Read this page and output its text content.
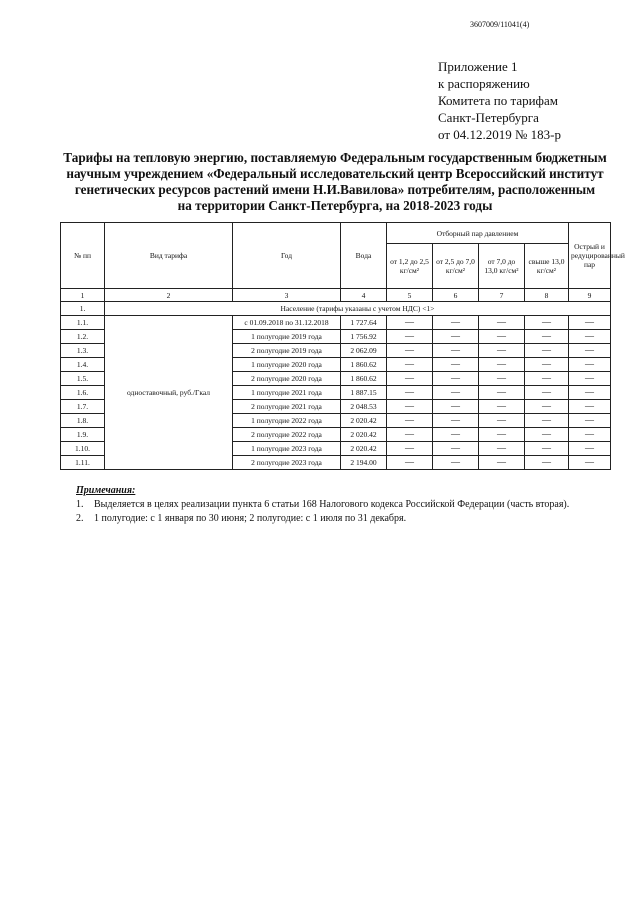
3607009/11041(4)
Приложение 1
к распоряжению
Комитета по тарифам
Санкт-Петербурга
от 04.12.2019 № 183-р
Тарифы на тепловую энергию, поставляемую Федеральным государственным бюджетным
научным учреждением «Федеральный исследовательский центр Всероссийский институт
генетических ресурсов растений имени Н.И.Вавилова» потребителям, расположенным
на территории Санкт-Петербурга, на 2018-2023 годы
№ пп	Вид тарифа	Год	Вода	Отборный пар давлением				Острый и редуцированный пар
				от 1,2 до 2,5 кг/см²	от 2,5 до 7,0 кг/см²	от 7,0 до 13,0 кг/см²	свыше 13,0 кг/см²	
1	2	3	4	5	6	7	8	9
1.	Население (тарифы указаны с учетом НДС) <1>							
1.1.	одноставочный, руб./Гкал	с 01.09.2018 по 31.12.2018	1 727.64	—	—	—	—	—
1.2.		1 полугодие 2019 года	1 756.92	—	—	—	—	—
1.3.		2 полугодие 2019 года	2 062.09	—	—	—	—	—
1.4.		1 полугодие 2020 года	1 860.62	—	—	—	—	—
1.5.		2 полугодие 2020 года	1 860.62	—	—	—	—	—
1.6.		1 полугодие 2021 года	1 887.15	—	—	—	—	—
1.7.		2 полугодие 2021 года	2 048.53	—	—	—	—	—
1.8.		1 полугодие 2022 года	2 020.42	—	—	—	—	—
1.9.		2 полугодие 2022 года	2 020.42	—	—	—	—	—
1.10.		1 полугодие 2023 года	2 020.42	—	—	—	—	—
1.11.		2 полугодие 2023 года	2 194.00	—	—	—	—	—
Примечания:
1. Выделяется в целях реализации пункта 6 статьи 168 Налогового кодекса Российской Федерации (часть вторая).
2. 1 полугодие: с 1 января по 30 июня; 2 полугодие: с 1 июля по 31 декабря.
